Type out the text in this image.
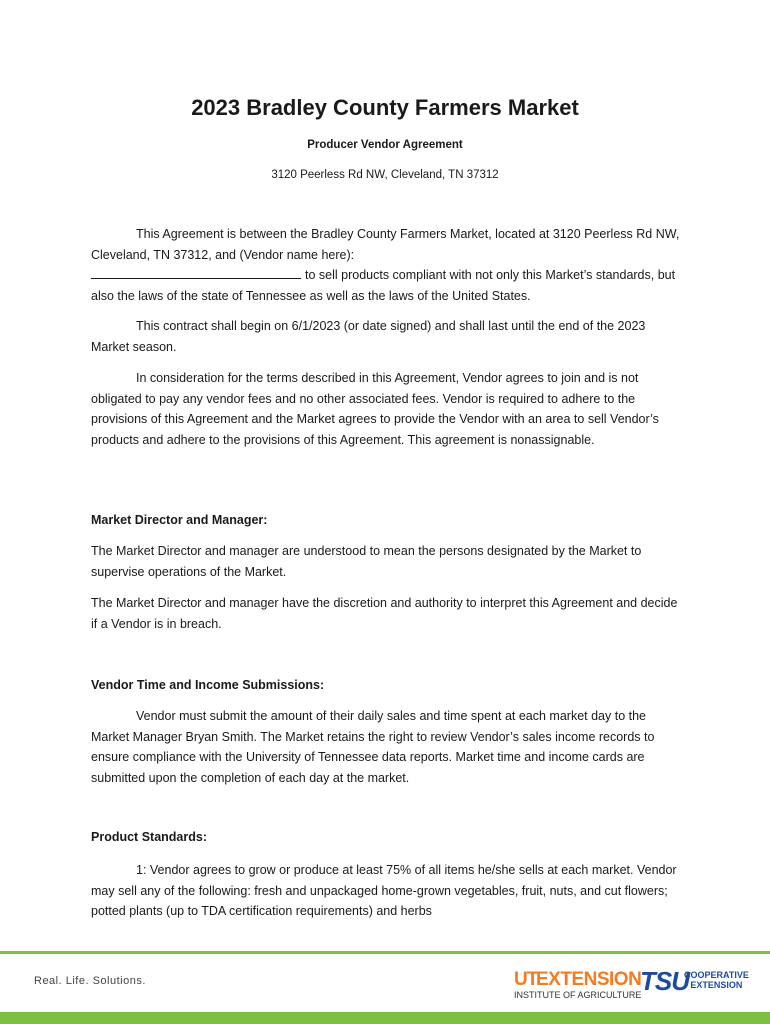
2023 Bradley County Farmers Market

Producer Vendor Agreement

3120 Peerless Rd NW, Cleveland, TN 37312

This Agreement is between the Bradley County Farmers Market, located at 3120 Peerless Rd NW, Cleveland, TN 37312, and (Vendor name here):
to sell products compliant with not only this Market’s standards, but also the laws of the state of Tennessee as well as the laws of the United States.

This contract shall begin on 6/1/2023 (or date signed) and shall last until the end of the 2023 Market season.

In consideration for the terms described in this Agreement, Vendor agrees to join and is not obligated to pay any vendor fees and no other associated fees. Vendor is required to adhere to the provisions of this Agreement and the Market agrees to provide the Vendor with an area to sell Vendor’s products and adhere to the provisions of this Agreement. This agreement is nonassignable.

Market Director and Manager:

The Market Director and manager are understood to mean the persons designated by the Market to supervise operations of the Market.

The Market Director and manager have the discretion and authority to interpret this Agreement and decide if a Vendor is in breach.

Vendor Time and Income Submissions:

Vendor must submit the amount of their daily sales and time spent at each market day to the Market Manager Bryan Smith. The Market retains the right to review Vendor’s sales income records to ensure compliance with the University of Tennessee data reports. Market time and income cards are submitted upon the completion of each day at the market.

Product Standards:

1: Vendor agrees to grow or produce at least 75% of all items he/she sells at each market. Vendor may sell any of the following: fresh and unpackaged home-grown vegetables, fruit, nuts, and cut flowers; potted plants (up to TDA certification requirements) and herbs

Real. Life. Solutions.	UT
EXTENSION
INSTITUTE OF AGRICULTURE
TSU
COOPERATIVE
EXTENSION
